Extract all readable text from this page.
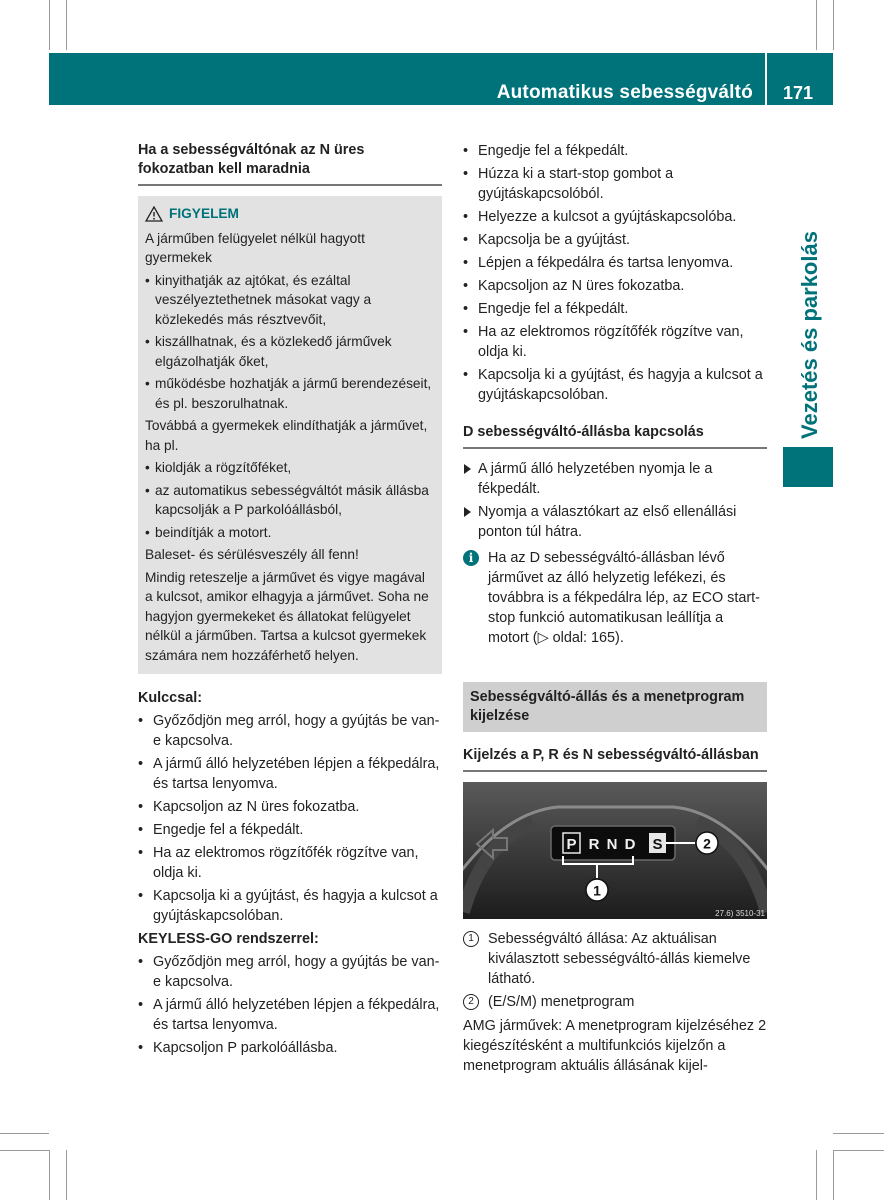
Automatikus sebességváltó 171
Vezetés és parkolás
Ha a sebességváltónak az N üres fokozatban kell maradnia
FIGYELEM

A járműben felügyelet nélkül hagyott gyermekek

• kinyithatják az ajtókat, és ezáltal veszélyeztethetnek másokat vagy a közlekedés más résztvevőit,
• kiszállhatnak, és a közlekedő járművek elgázolhatják őket,
• működésbe hozhatják a jármű berendezéseit, és pl. beszorulhatnak.

Továbbá a gyermekek elindíthatják a járművet, ha pl.

• kioldják a rögzítőféket,
• az automatikus sebességváltót másik állásba kapcsolják a P parkolóállásból,
• beindítják a motort.

Baleset- és sérülésveszély áll fenn!

Mindig reteszelje a járművet és vigye magával a kulcsot, amikor elhagyja a járművet. Soha ne hagyjon gyermekeket és állatokat felügyelet nélkül a járműben. Tartsa a kulcsot gyermekek számára nem hozzáférhető helyen.

Kulccsal:

• Győződjön meg arról, hogy a gyújtás be van-e kapcsolva.
• A jármű álló helyzetében lépjen a fékpedálra, és tartsa lenyomva.
• Kapcsoljon az N üres fokozatba.
• Engedje fel a fékpedált.
• Ha az elektromos rögzítőfék rögzítve van, oldja ki.
• Kapcsolja ki a gyújtást, és hagyja a kulcsot a gyújtáskapcsolóban.

KEYLESS-GO rendszerrel:

• Győződjön meg arról, hogy a gyújtás be van-e kapcsolva.
• A jármű álló helyzetében lépjen a fékpedálra, és tartsa lenyomva.
• Kapcsoljon P parkolóállásba.
• Engedje fel a fékpedált.
• Húzza ki a start-stop gombot a gyújtáskapcsolóból.
• Helyezze a kulcsot a gyújtáskapcsolóba.
• Kapcsolja be a gyújtást.
• Lépjen a fékpedálra és tartsa lenyomva.
• Kapcsoljon az N üres fokozatba.
• Engedje fel a fékpedált.
• Ha az elektromos rögzítőfék rögzítve van, oldja ki.
• Kapcsolja ki a gyújtást, és hagyja a kulcsot a gyújtáskapcsolóban.
D sebességváltó-állásba kapcsolás
A jármű álló helyzetében nyomja le a fékpedált.
Nyomja a választókart az első ellenállási ponton túl hátra.
i	Ha az D sebességváltó-állásban lévő járművet az álló helyzetig lefékezi, és továbbra is a fékpedálra lép, az ECO start-stop funkció automatikusan leállítja a motort (▷ oldal: 165).
Sebességváltó-állás és a menetprogram kijelzése
Kijelzés a P, R és N sebességváltó-állásban
P R N D S	2
1
27.6) 3510-31
1 Sebességváltó állása: Az aktuálisan kiválasztott sebességváltó-állás kiemelve látható.
2 (E/S/M) menetprogram

AMG járművek: A menetprogram kijelzéséhez 2 kiegészítésként a multifunkciós kijelzőn a menetprogram aktuális állásának kijel-
